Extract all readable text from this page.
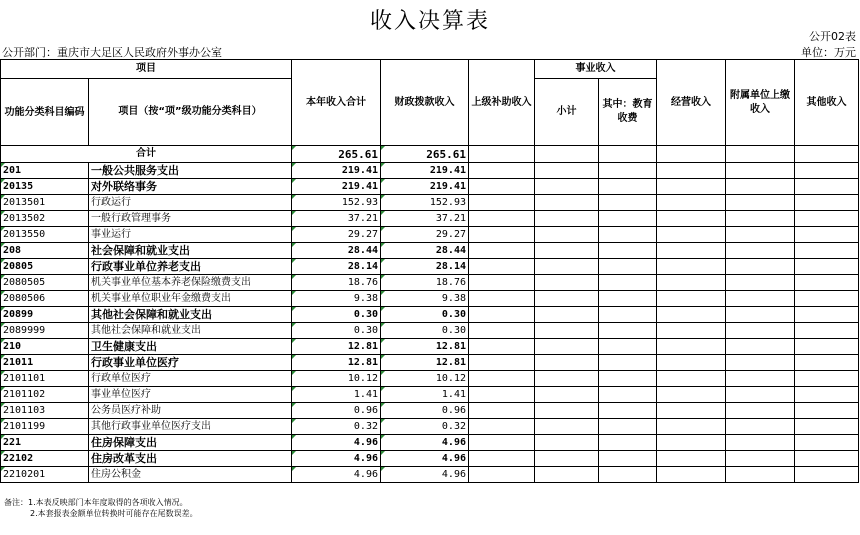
收入决算表
公开02表
公开部门：重庆市大足区人民政府外事办公室	单位：万元
项目		本年收入合计	财政拨款收入	上级补助收入	事业收入		经营收入	附属单位上缴收入	其他收入
功能分类科目编码	项目（按“项”级功能分类科目）				小计	其中：教育收费			
合计		265.61	265.61						
201	一般公共服务支出	219.41	219.41						
20135	对外联络事务	219.41	219.41						
2013501	行政运行	152.93	152.93						
2013502	一般行政管理事务	37.21	37.21						
2013550	事业运行	29.27	29.27						
208	社会保障和就业支出	28.44	28.44						
20805	行政事业单位养老支出	28.14	28.14						
2080505	机关事业单位基本养老保险缴费支出	18.76	18.76						
2080506	机关事业单位职业年金缴费支出	9.38	9.38						
20899	其他社会保障和就业支出	0.30	0.30						
2089999	其他社会保障和就业支出	0.30	0.30						
210	卫生健康支出	12.81	12.81						
21011	行政事业单位医疗	12.81	12.81						
2101101	行政单位医疗	10.12	10.12						
2101102	事业单位医疗	1.41	1.41						
2101103	公务员医疗补助	0.96	0.96						
2101199	其他行政事业单位医疗支出	0.32	0.32						
221	住房保障支出	4.96	4.96						
22102	住房改革支出	4.96	4.96						
2210201	住房公积金	4.96	4.96						
备注：1.本表反映部门本年度取得的各项收入情况。
2.本套报表金额单位转换时可能存在尾数误差。
